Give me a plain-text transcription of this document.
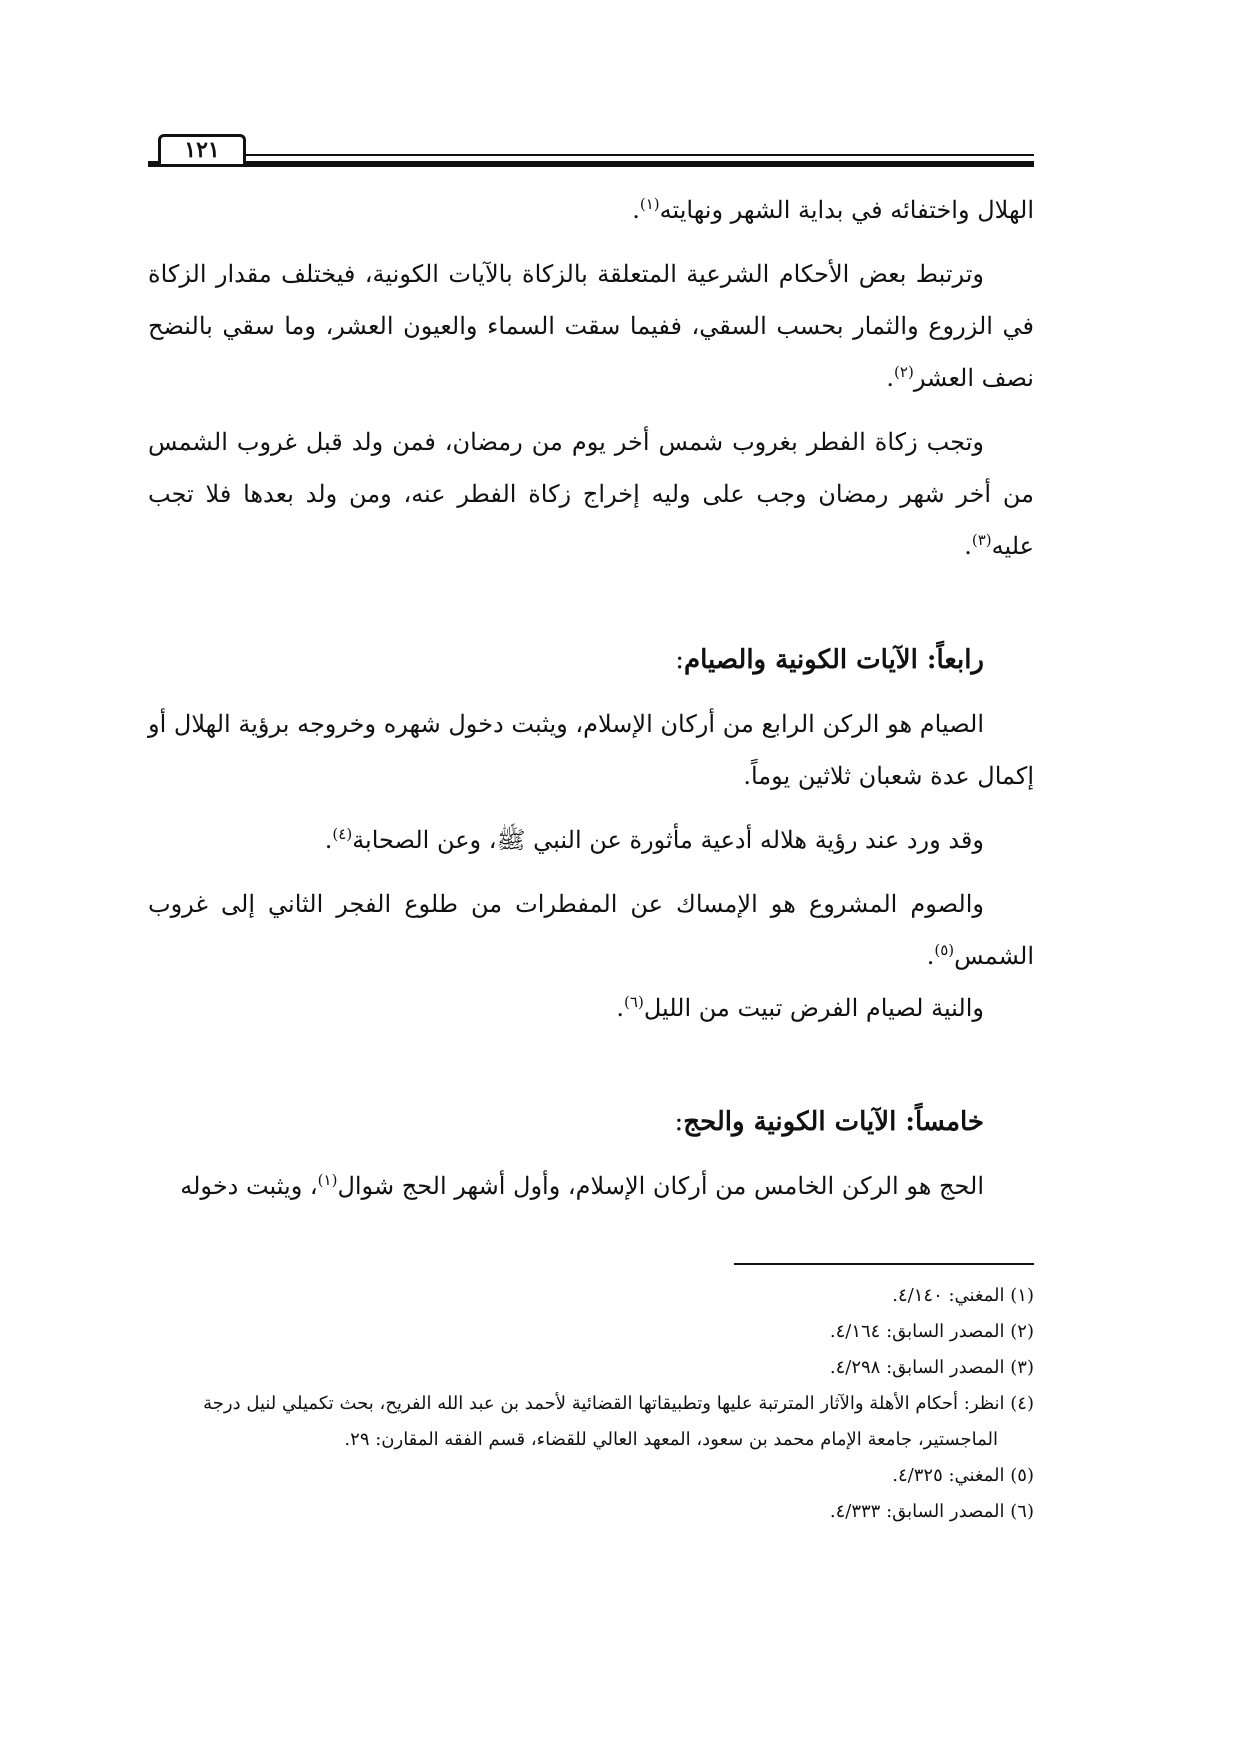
١٢١

الهلال واختفائه في بداية الشهر ونهايته$^{(١)}$.

وترتبط بعض الأحكام الشرعية المتعلقة بالزكاة بالآيات الكونية، فيختلف مقدار الزكاة في الزروع والثمار بحسب السقي، ففيما سقت السماء والعيون العشر، وما سقي بالنضح نصف العشر$^{(٢)}$.

وتجب زكاة الفطر بغروب شمس أخر يوم من رمضان، فمن ولد قبل غروب الشمس من أخر شهر رمضان وجب على وليه إخراج زكاة الفطر عنه، ومن ولد بعدها فلا تجب عليه$^{(٣)}$.

رابعاً: الآيات الكونية والصيام:

الصيام هو الركن الرابع من أركان الإسلام، ويثبت دخول شهره وخروجه برؤية الهلال أو إكمال عدة شعبان ثلاثين يوماً.

وقد ورد عند رؤية هلاله أدعية مأثورة عن النبي ﷺ، وعن الصحابة$^{(٤)}$.

والصوم المشروع هو الإمساك عن المفطرات من طلوع الفجر الثاني إلى غروب الشمس$^{(٥)}$.

والنية لصيام الفرض تبيت من الليل$^{(٦)}$.

خامساً: الآيات الكونية والحج:

الحج هو الركن الخامس من أركان الإسلام، وأول أشهر الحج شوال$^{(١)}$، ويثبت دخوله

(١) المغني: ٤/١٤٠.

(٢) المصدر السابق: ٤/١٦٤.

(٣) المصدر السابق: ٤/٢٩٨.

(٤) انظر: أحكام الأهلة والآثار المترتبة عليها وتطبيقاتها القضائية لأحمد بن عبد الله الفريح، بحث تكميلي لنيل درجة

الماجستير، جامعة الإمام محمد بن سعود، المعهد العالي للقضاء، قسم الفقه المقارن: ٢٩.

(٥) المغني: ٤/٣٢٥.

(٦) المصدر السابق: ٤/٣٣٣.
